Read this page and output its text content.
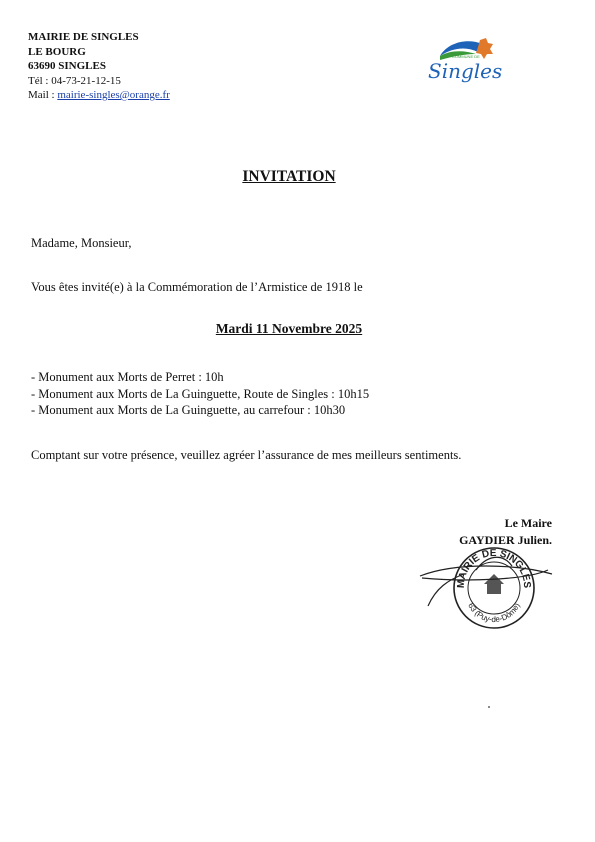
MAIRIE DE SINGLES
LE BOURG
63690 SINGLES
Tél : 04-73-21-12-15
Mail : mairie-singles@orange.fr
COMMUNE DE
Singles
INVITATION
Madame, Monsieur,
Vous êtes invité(e) à la Commémoration de l’Armistice de 1918 le
Mardi 11 Novembre 2025
- Monument aux Morts de Perret : 10h
- Monument aux Morts de La Guinguette, Route de Singles : 10h15
- Monument aux Morts de La Guinguette, au carrefour : 10h30
Comptant sur votre présence, veuillez agréer l’assurance de mes meilleurs sentiments.
Le Maire
GAYDIER Julien.
MAIRIE DE SINGLES
63 (Puy-de-Dôme)
